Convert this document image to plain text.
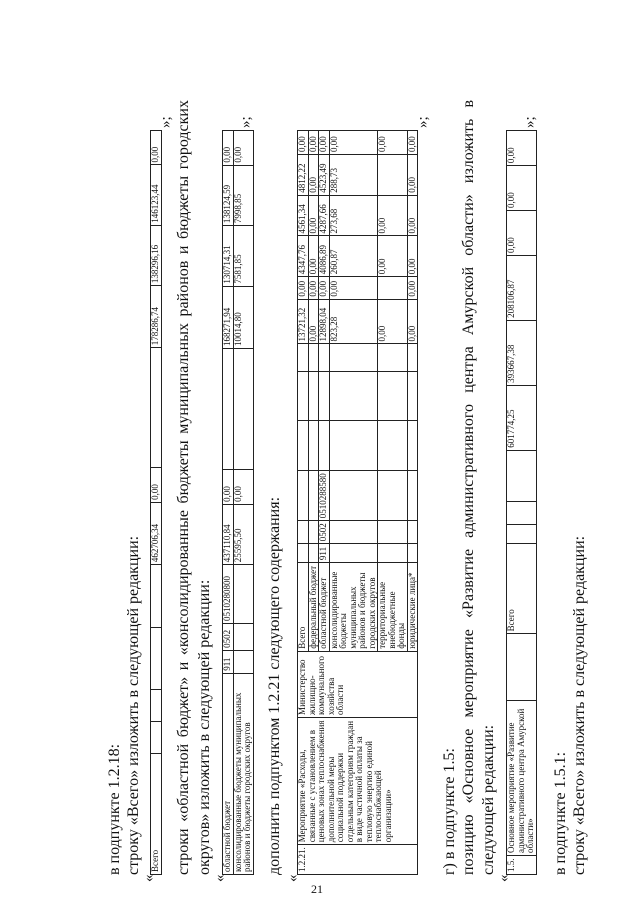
21
в подпункте 1.2.18: строку «Всего» изложить в следующей редакции:
«
Всего					462706,34	0,00		178286,74	138296,16	146123,44	0,00
»; строки «областной бюджет» и «консолидированные бюджеты муниципальных районов и бюджеты городских округов» изложить в следующей редакции:
«
областной бюджет	911	0502	0510280800	437110,84	0,00		168271,94	130714,31	138124,59	0,00
консолидированные бюджеты муниципальных районов и бюджеты городских округов				25595,50	0,00		10014,80	7581,85	7998,85	0,00
»;
дополнить подпунктом 1.2.21 следующего содержания:
«
1.2.21.	Мероприятие «Расходы, связанные с установлением в ценовых зонах теплоснабжения дополнительной меры социальной поддержки отдельным категориям граждан в виде частичной оплаты за тепловую энергию единой теплоснабжающей организации»	Министерство жилищно-коммунального хозяйства области	Всего							13721,32	0,00	4347,76	4561,34	4812,22	0,00
			федеральный бюджет							0,00	0,00	0,00	0,00	0,00	0,00
			областной бюджет	911	0502	0510288580				12898,04	0,00	4086,89	4287,66	4523,49	0,00
			консолидированные бюджеты муниципальных районов и бюджеты городских округов							823,28	0,00	260,87	273,68	288,73	0,00
			территориальные внебюджетные фонды							0,00		0,00	0,00		0,00
			юридические лица*							0,00	0,00	0,00	0,00	0,00	0,00
»;
г) в подпункте 1.5: позицию «Основное мероприятие «Развитие административного центра Амурской области» изложить в следующей редакции:
«
1.5.	Основное мероприятие «Развитие административного центра Амурской области»		Всего				601774,25	393667,38	208106,87	0,00	0,00	0,00
»;
в подпункте 1.5.1: строку «Всего» изложить в следующей редакции:
